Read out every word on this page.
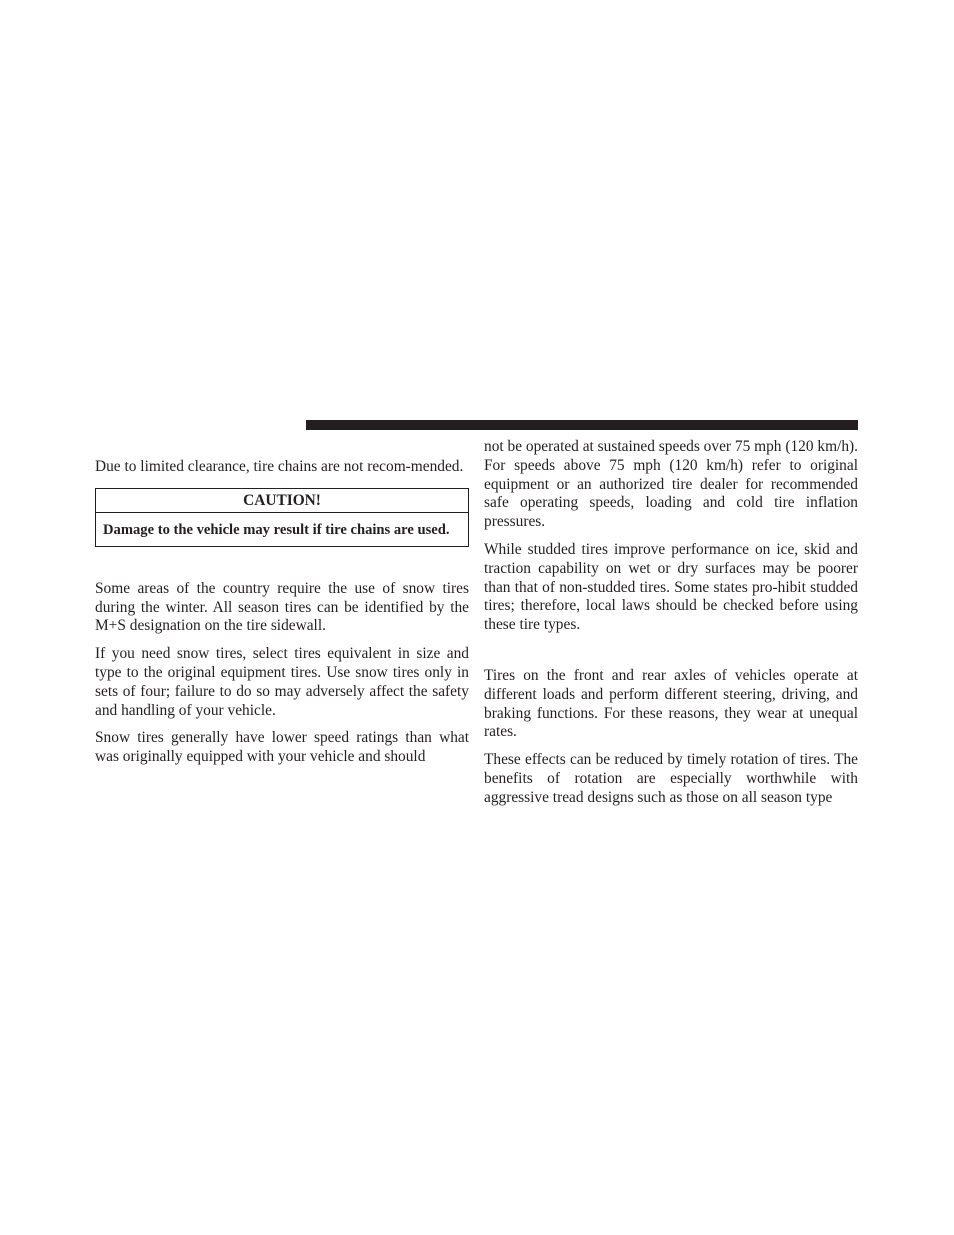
Due to limited clearance, tire chains are not recom-mended.

CAUTION!
Damage to the vehicle may result if tire chains are used.

Some areas of the country require the use of snow tires during the winter. All season tires can be identified by the M+S designation on the tire sidewall.

If you need snow tires, select tires equivalent in size and type to the original equipment tires. Use snow tires only in sets of four; failure to do so may adversely affect the safety and handling of your vehicle.

Snow tires generally have lower speed ratings than what was originally equipped with your vehicle and should

not be operated at sustained speeds over 75 mph (120 km/h). For speeds above 75 mph (120 km/h) refer to original equipment or an authorized tire dealer for recommended safe operating speeds, loading and cold tire inflation pressures.

While studded tires improve performance on ice, skid and traction capability on wet or dry surfaces may be poorer than that of non-studded tires. Some states pro-hibit studded tires; therefore, local laws should be checked before using these tire types.

Tires on the front and rear axles of vehicles operate at different loads and perform different steering, driving, and braking functions. For these reasons, they wear at unequal rates.

These effects can be reduced by timely rotation of tires. The benefits of rotation are especially worthwhile with aggressive tread designs such as those on all season type
